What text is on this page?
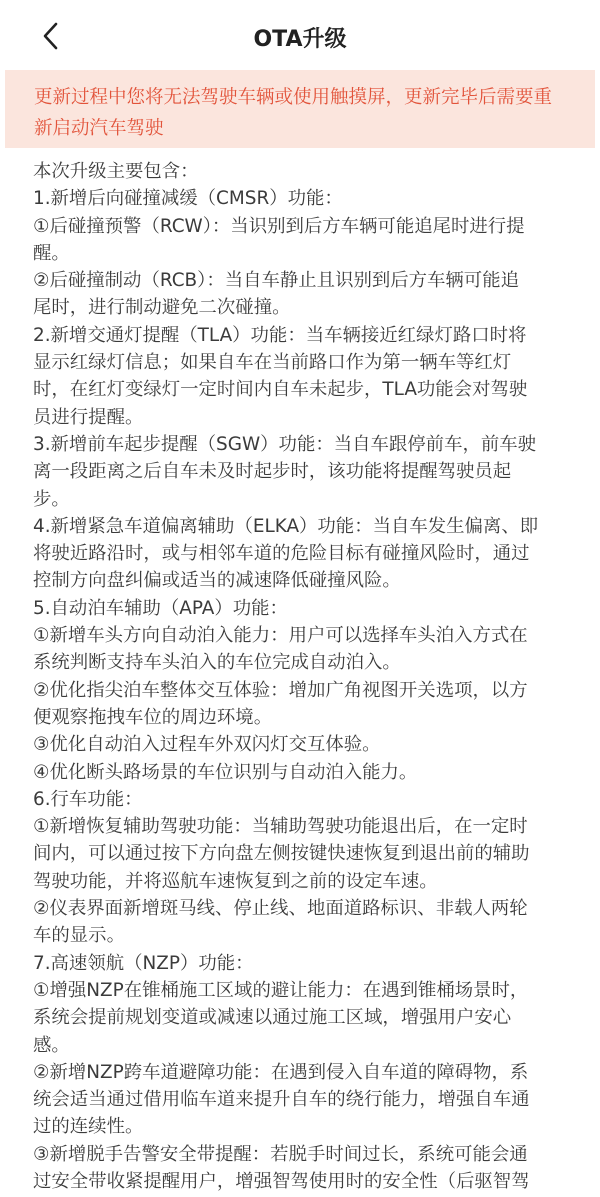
OTA升级
更新过程中您将无法驾驶车辆或使用触摸屏，更新完毕后需要重新启动汽车驾驶
本次升级主要包含：
1.新增后向碰撞减缓（CMSR）功能：
①后碰撞预警（RCW）：当识别到后方车辆可能追尾时进行提
醒。
②后碰撞制动（RCB）：当自车静止且识别到后方车辆可能追
尾时，进行制动避免二次碰撞。
2.新增交通灯提醒（TLA）功能：当车辆接近红绿灯路口时将
显示红绿灯信息；如果自车在当前路口作为第一辆车等红灯
时，在红灯变绿灯一定时间内自车未起步，TLA功能会对驾驶
员进行提醒。
3.新增前车起步提醒（SGW）功能：当自车跟停前车，前车驶
离一段距离之后自车未及时起步时，该功能将提醒驾驶员起
步。
4.新增紧急车道偏离辅助（ELKA）功能：当自车发生偏离、即
将驶近路沿时，或与相邻车道的危险目标有碰撞风险时，通过
控制方向盘纠偏或适当的减速降低碰撞风险。
5.自动泊车辅助（APA）功能：
①新增车头方向自动泊入能力：用户可以选择车头泊入方式在
系统判断支持车头泊入的车位完成自动泊入。
②优化指尖泊车整体交互体验：增加广角视图开关选项，以方
便观察拖拽车位的周边环境。
③优化自动泊入过程车外双闪灯交互体验。
④优化断头路场景的车位识别与自动泊入能力。
6.行车功能：
①新增恢复辅助驾驶功能：当辅助驾驶功能退出后，在一定时
间内，可以通过按下方向盘左侧按键快速恢复到退出前的辅助
驾驶功能，并将巡航车速恢复到之前的设定车速。
②仪表界面新增斑马线、停止线、地面道路标识、非载人两轮
车的显示。
7.高速领航（NZP）功能：
①增强NZP在锥桶施工区域的避让能力：在遇到锥桶场景时，
系统会提前规划变道或减速以通过施工区域，增强用户安心
感。
②新增NZP跨车道避障功能：在遇到侵入自车道的障碍物，系
统会适当通过借用临车道来提升自车的绕行能力，增强自车通
过的连续性。
③新增脱手告警安全带提醒：若脱手时间过长，系统可能会通
过安全带收紧提醒用户，增强智驾使用时的安全性（后驱智驾
